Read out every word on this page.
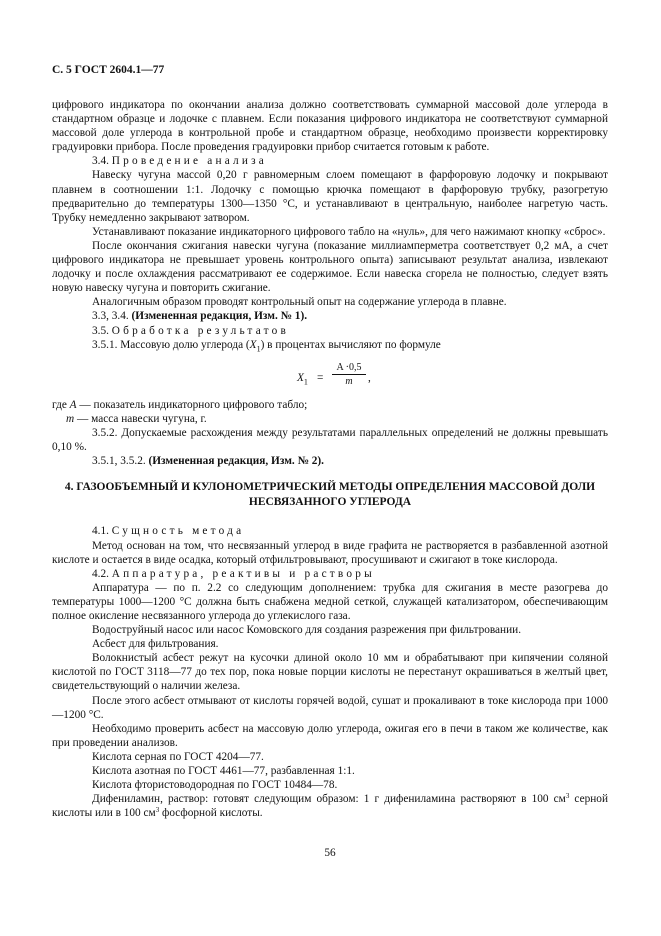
С. 5 ГОСТ 2604.1—77

цифрового индикатора по окончании анализа должно соответствовать суммарной массовой доле углерода в стандартном образце и лодочке с плавнем. Если показания цифрового индикатора не соответствуют суммарной массовой доле углерода в контрольной пробе и стандартном образце, необходимо произвести корректировку градуировки прибора. После проведения градуировки прибор считается готовым к работе.

3.4. Проведение анализа

Навеску чугуна массой 0,20 г равномерным слоем помещают в фарфоровую лодочку и покрывают плавнем в соотношении 1:1. Лодочку с помощью крючка помещают в фарфоровую трубку, разогретую предварительно до температуры 1300—1350 °С, и устанавливают в центральную, наиболее нагретую часть. Трубку немедленно закрывают затвором.

Устанавливают показание индикаторного цифрового табло на «нуль», для чего нажимают кнопку «сброс».

После окончания сжигания навески чугуна (показание миллиамперметра соответствует 0,2 мА, а счет цифрового индикатора не превышает уровень контрольного опыта) записывают результат анализа, извлекают лодочку и после охлаждения рассматривают ее содержимое. Если навеска сгорела не полностью, следует взять новую навеску чугуна и повторить сжигание.

Аналогичным образом проводят контрольный опыт на содержание углерода в плавне.

3.3, 3.4. (Измененная редакция, Изм. № 1).

3.5. Обработка результатов

3.5.1. Массовую долю углерода $(X_1)$ в процентах вычисляют по формуле

$X_1 = \frac{A \cdot 0,5}{m}$ ,

где A — показатель индикаторного цифрового табло;

m — масса навески чугуна, г.

3.5.2. Допускаемые расхождения между результатами параллельных определений не должны превышать 0,10 %.

3.5.1, 3.5.2. (Измененная редакция, Изм. № 2).

4. ГАЗООБЪЕМНЫЙ И КУЛОНОМЕТРИЧЕСКИЙ МЕТОДЫ ОПРЕДЕЛЕНИЯ МАССОВОЙ ДОЛИ НЕСВЯЗАННОГО УГЛЕРОДА

4.1. Сущность метода

Метод основан на том, что несвязанный углерод в виде графита не растворяется в разбавленной азотной кислоте и остается в виде осадка, который отфильтровывают, просушивают и сжигают в токе кислорода.

4.2. Аппаратура, реактивы и растворы

Аппаратура — по п. 2.2 со следующим дополнением: трубка для сжигания в месте разогрева до температуры 1000—1200 °С должна быть снабжена медной сеткой, служащей катализатором, обеспечивающим полное окисление несвязанного углерода до углекислого газа.

Водоструйный насос или насос Комовского для создания разрежения при фильтровании.

Асбест для фильтрования.

Волокнистый асбест режут на кусочки длиной около 10 мм и обрабатывают при кипячении соляной кислотой по ГОСТ 3118—77 до тех пор, пока новые порции кислоты не перестанут окрашиваться в желтый цвет, свидетельствующий о наличии железа.

После этого асбест отмывают от кислоты горячей водой, сушат и прокаливают в токе кислорода при 1000—1200 °С.

Необходимо проверить асбест на массовую долю углерода, ожигая его в печи в таком же количестве, как при проведении анализов.

Кислота серная по ГОСТ 4204—77.

Кислота азотная по ГОСТ 4461—77, разбавленная 1:1.

Кислота фтористоводородная по ГОСТ 10484—78.

Дифениламин, раствор: готовят следующим образом: 1 г дифениламина растворяют в 100 $см^3$ серной кислоты или в 100 $см^3$ фосфорной кислоты.

56
